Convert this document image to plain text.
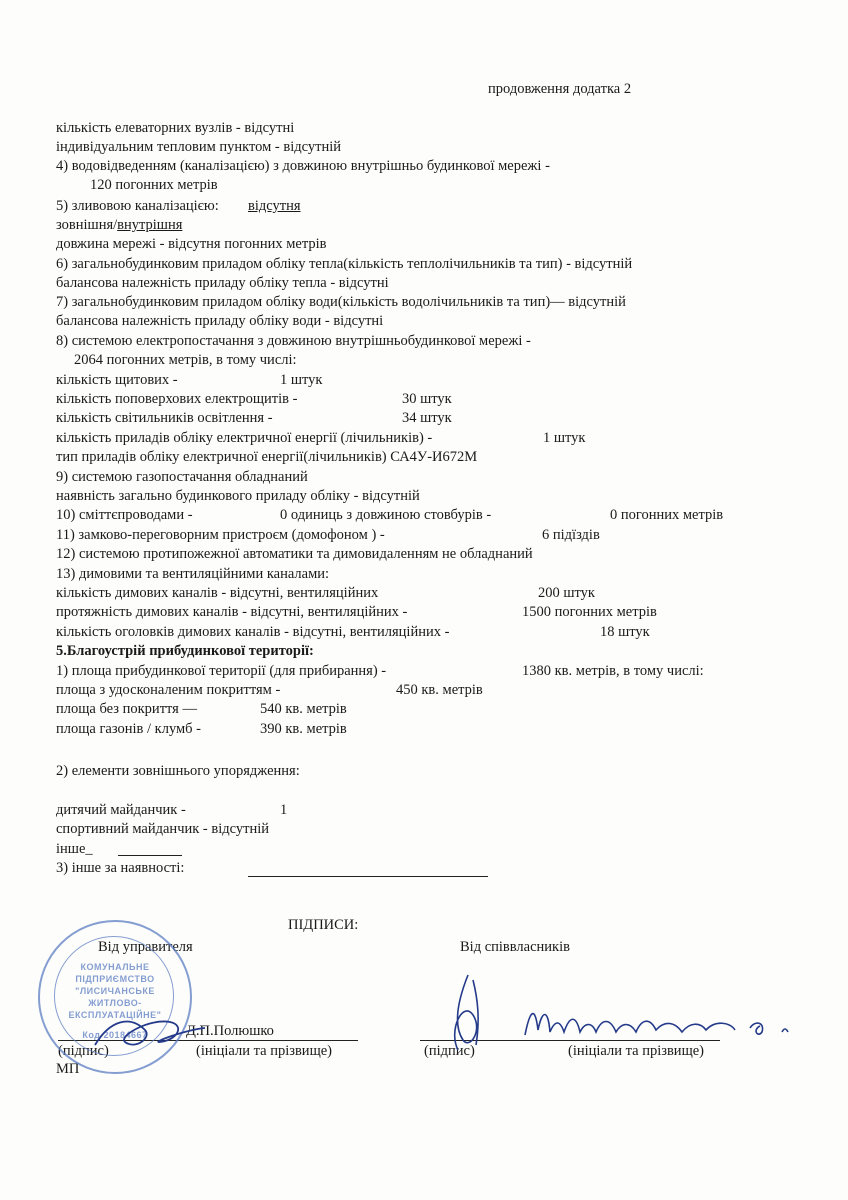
продовження додатка 2
кількість елеваторних вузлів - відсутні
індивідуальним тепловим пунктом - відсутній
4) водовідведенням (каналізацією) з довжиною внутрішньо будинкової мережі -
120 погонних метрів
5) зливовою каналізацією: відсутня
зовнішня/внутрішня
довжина мережі - відсутня погонних метрів
6) загальнобудинковим приладом обліку тепла(кількість теплолічильників та тип) - відсутній
балансова належність приладу обліку тепла - відсутні
7) загальнобудинковим приладом обліку води(кількість водолічильників та тип)— відсутній
балансова належність приладу обліку води - відсутні
8) системою електропостачання з довжиною внутрішньобудинкової мережі -
2064 погонних метрів, в тому числі:
кількість щитових -	1 штук
кількість поповерхових електрощитів -	30 штук
кількість світильників освітлення -	34 штук
кількість приладів обліку електричної енергії (лічильників) -	1 штук
тип приладів обліку електричної енергії(лічильників) СА4У-И672М
9) системою газопостачання обладнаний
наявність загально будинкового приладу обліку - відсутній
10) сміттєпроводами -	0 одиниць з довжиною стовбурів -	0 погонних метрів
11) замково-переговорним пристроєм (домофоном ) -	6 підїздів
12) системою протипожежної автоматики та димовидаленням не обладнаний
13) димовими та вентиляційними каналами:
кількість димових каналів - відсутні, вентиляційних	200 штук
протяжність димових каналів - відсутні, вентиляційних -	1500 погонних метрів
кількість оголовків димових каналів - відсутні, вентиляційних -	18 штук
5.Благоустрій прибудинкової території:
1) площа прибудинкової території (для прибирання) -	1380 кв. метрів, в тому числі:
площа з удосконаленим покриттям -	450 кв. метрів
площа без покриття —	540 кв. метрів
площа газонів / клумб -	390 кв. метрів
2) елементи зовнішнього упорядження:
дитячий майданчик -	1
спортивний майданчик - відсутній
інше_
3) інше за наявності:
ПІДПИСИ:
Від управителя	Від співвласників
Д.П.Полюшко
(підпис)	(ініціали та прізвище)	(підпис)	(ініціали та прізвище)
МП
КОМУНАЛЬНЕ
ПІДПРИЄМСТВО
"ЛИСИЧАНСЬКЕ
ЖИТЛОВО-
ЕКСПЛУАТАЦІЙНЕ"
Код 20184667
